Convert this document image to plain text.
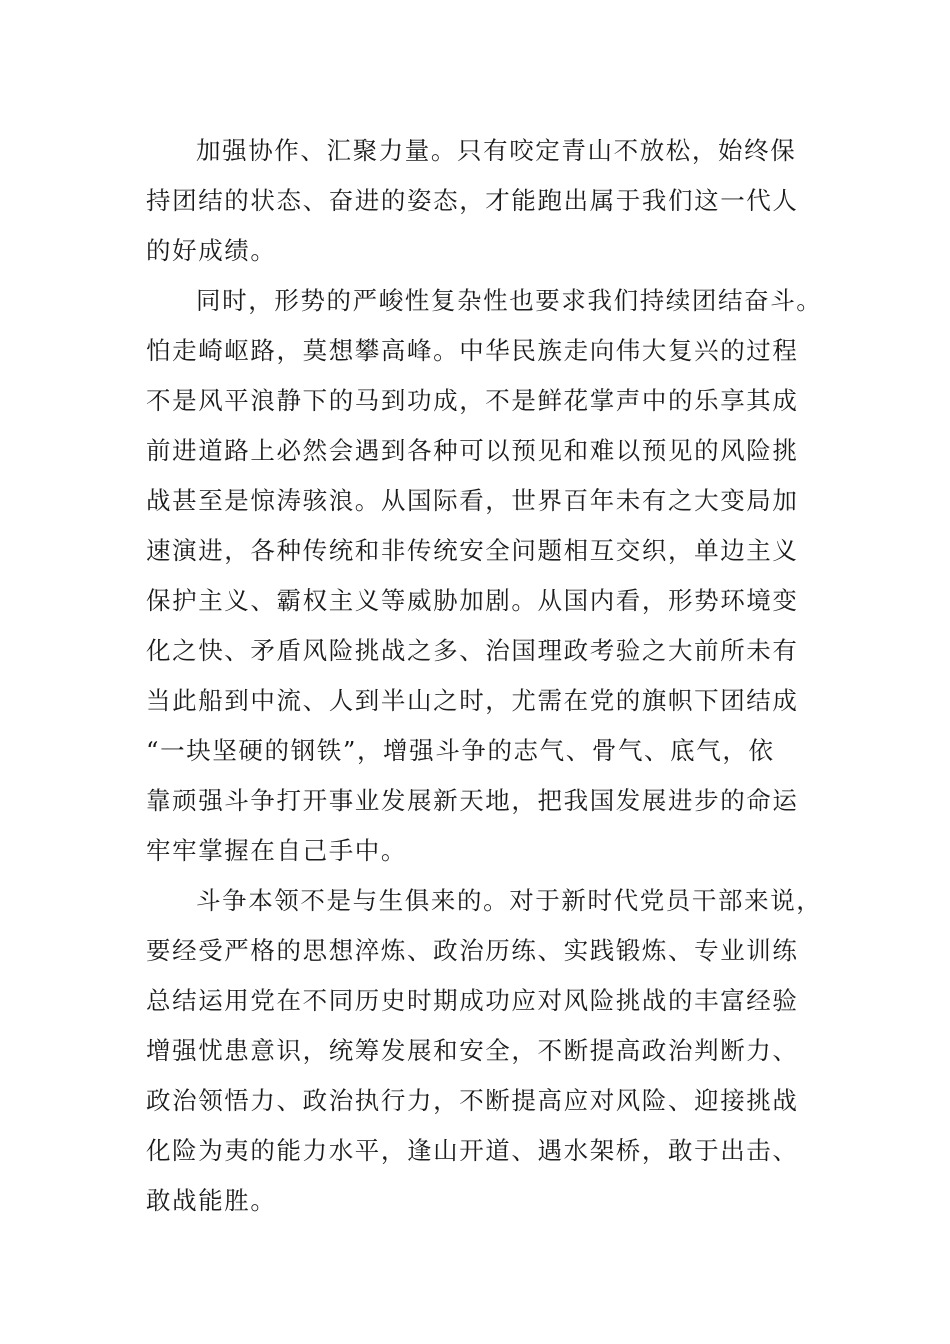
加强协作、汇聚力量。只有咬定青山不放松，始终保
持团结的状态、奋进的姿态，才能跑出属于我们这一代人
的好成绩。
同时，形势的严峻性复杂性也要求我们持续团结奋斗。
怕走崎岖路，莫想攀高峰。中华民族走向伟大复兴的过程
不是风平浪静下的马到功成，不是鲜花掌声中的乐享其成
前进道路上必然会遇到各种可以预见和难以预见的风险挑
战甚至是惊涛骇浪。从国际看，世界百年未有之大变局加
速演进，各种传统和非传统安全问题相互交织，单边主义
保护主义、霸权主义等威胁加剧。从国内看，形势环境变
化之快、矛盾风险挑战之多、治国理政考验之大前所未有
当此船到中流、人到半山之时，尤需在党的旗帜下团结成
“一块坚硬的钢铁”，增强斗争的志气、骨气、底气，依
靠顽强斗争打开事业发展新天地，把我国发展进步的命运
牢牢掌握在自己手中。
斗争本领不是与生俱来的。对于新时代党员干部来说，
要经受严格的思想淬炼、政治历练、实践锻炼、专业训练
总结运用党在不同历史时期成功应对风险挑战的丰富经验
增强忧患意识，统筹发展和安全，不断提高政治判断力、
政治领悟力、政治执行力，不断提高应对风险、迎接挑战
化险为夷的能力水平，逢山开道、遇水架桥，敢于出击、
敢战能胜。
